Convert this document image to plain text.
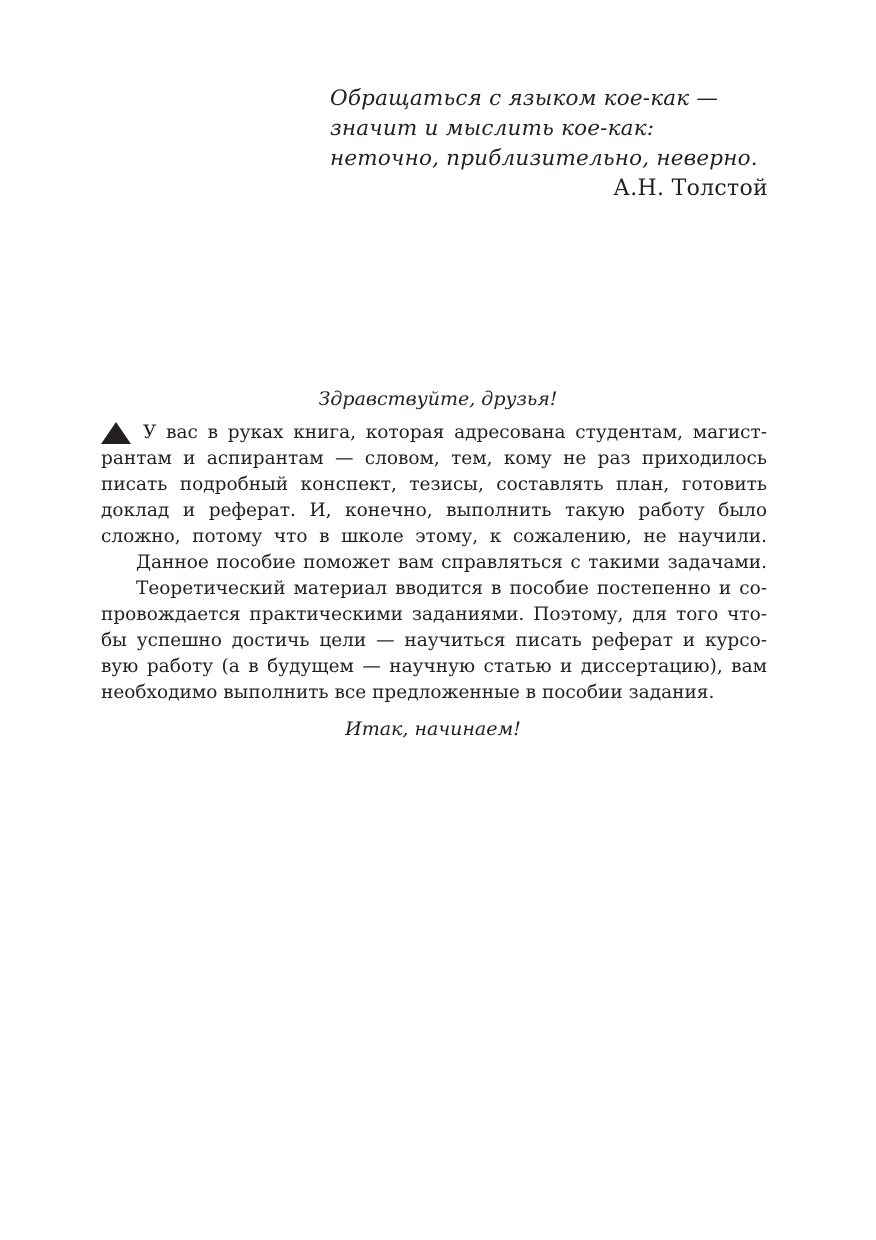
Обращаться с языком кое-как —
значит и мыслить кое-как:
неточно, приблизительно, неверно.
А.Н. Толстой
Здравствуйте, друзья!
У вас в руках книга, которая адресована студентам, магист-
рантам и аспирантам — словом, тем, кому не раз приходилось
писать подробный конспект, тезисы, составлять план, готовить
доклад и реферат. И, конечно, выполнить такую работу было
сложно, потому что в школе этому, к сожалению, не научили.
Данное пособие поможет вам справляться с такими задачами.
Теоретический материал вводится в пособие постепенно и со-
провождается практическими заданиями. Поэтому, для того что-
бы успешно достичь цели — научиться писать реферат и курсо-
вую работу (а в будущем — научную статью и диссертацию), вам
необходимо выполнить все предложенные в пособии задания.
Итак, начинаем!
